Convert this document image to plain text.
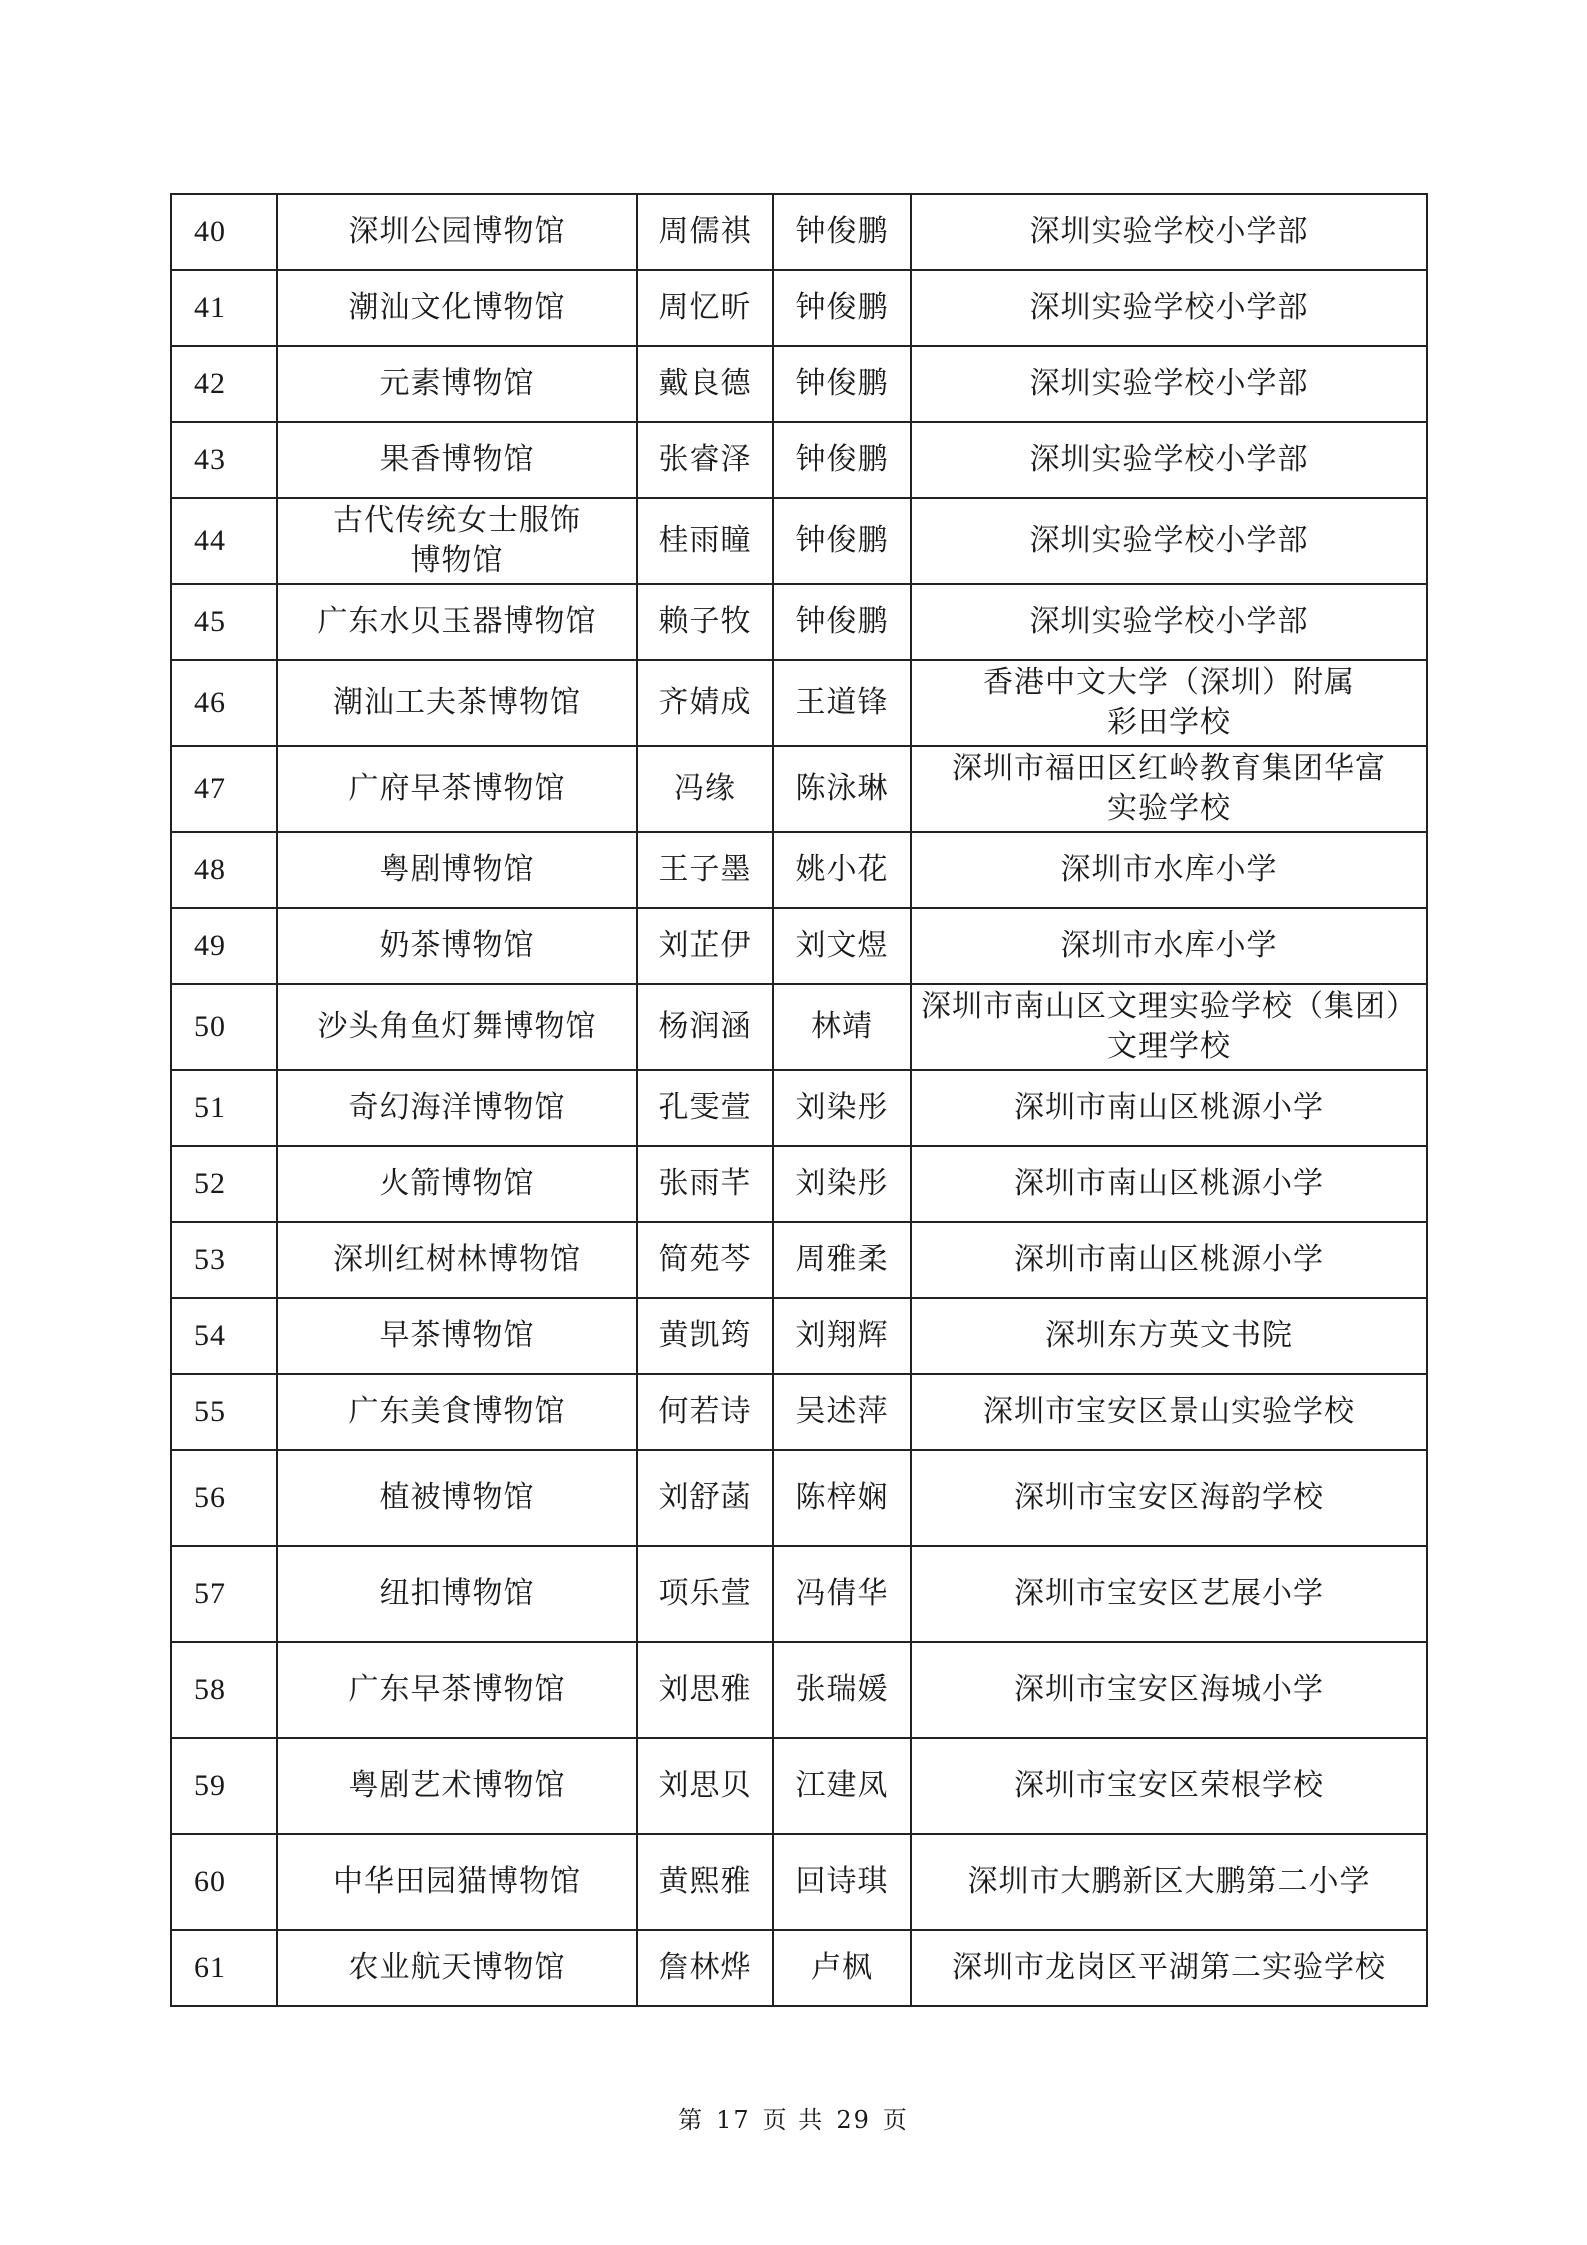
40	深圳公园博物馆	周儒祺	钟俊鹏	深圳实验学校小学部

41	潮汕文化博物馆	周忆昕	钟俊鹏	深圳实验学校小学部

42	元素博物馆	戴良德	钟俊鹏	深圳实验学校小学部

43	果香博物馆	张睿泽	钟俊鹏	深圳实验学校小学部

44	古代传统女士服饰
博物馆	桂雨瞳	钟俊鹏	深圳实验学校小学部

45	广东水贝玉器博物馆	赖子牧	钟俊鹏	深圳实验学校小学部

46	潮汕工夫茶博物馆	齐婧成	王道锋	香港中文大学（深圳）附属
彩田学校

47	广府早茶博物馆	冯缘	陈泳琳	深圳市福田区红岭教育集团华富
实验学校

48	粤剧博物馆	王子墨	姚小花	深圳市水库小学

49	奶茶博物馆	刘芷伊	刘文煜	深圳市水库小学

50	沙头角鱼灯舞博物馆	杨润涵	林靖	深圳市南山区文理实验学校（集团）
文理学校

51	奇幻海洋博物馆	孔雯萱	刘染彤	深圳市南山区桃源小学

52	火箭博物馆	张雨芊	刘染彤	深圳市南山区桃源小学

53	深圳红树林博物馆	简苑芩	周雅柔	深圳市南山区桃源小学

54	早茶博物馆	黄凯筠	刘翔辉	深圳东方英文书院

55	广东美食博物馆	何若诗	吴述萍	深圳市宝安区景山实验学校

56	植被博物馆	刘舒菡	陈梓娴	深圳市宝安区海韵学校

57	纽扣博物馆	项乐萱	冯倩华	深圳市宝安区艺展小学

58	广东早茶博物馆	刘思雅	张瑞媛	深圳市宝安区海城小学

59	粤剧艺术博物馆	刘思贝	江建凤	深圳市宝安区荣根学校

60	中华田园猫博物馆	黄熙雅	回诗琪	深圳市大鹏新区大鹏第二小学

61	农业航天博物馆	詹林烨	卢枫	深圳市龙岗区平湖第二实验学校
第 17 页 共 29 页
